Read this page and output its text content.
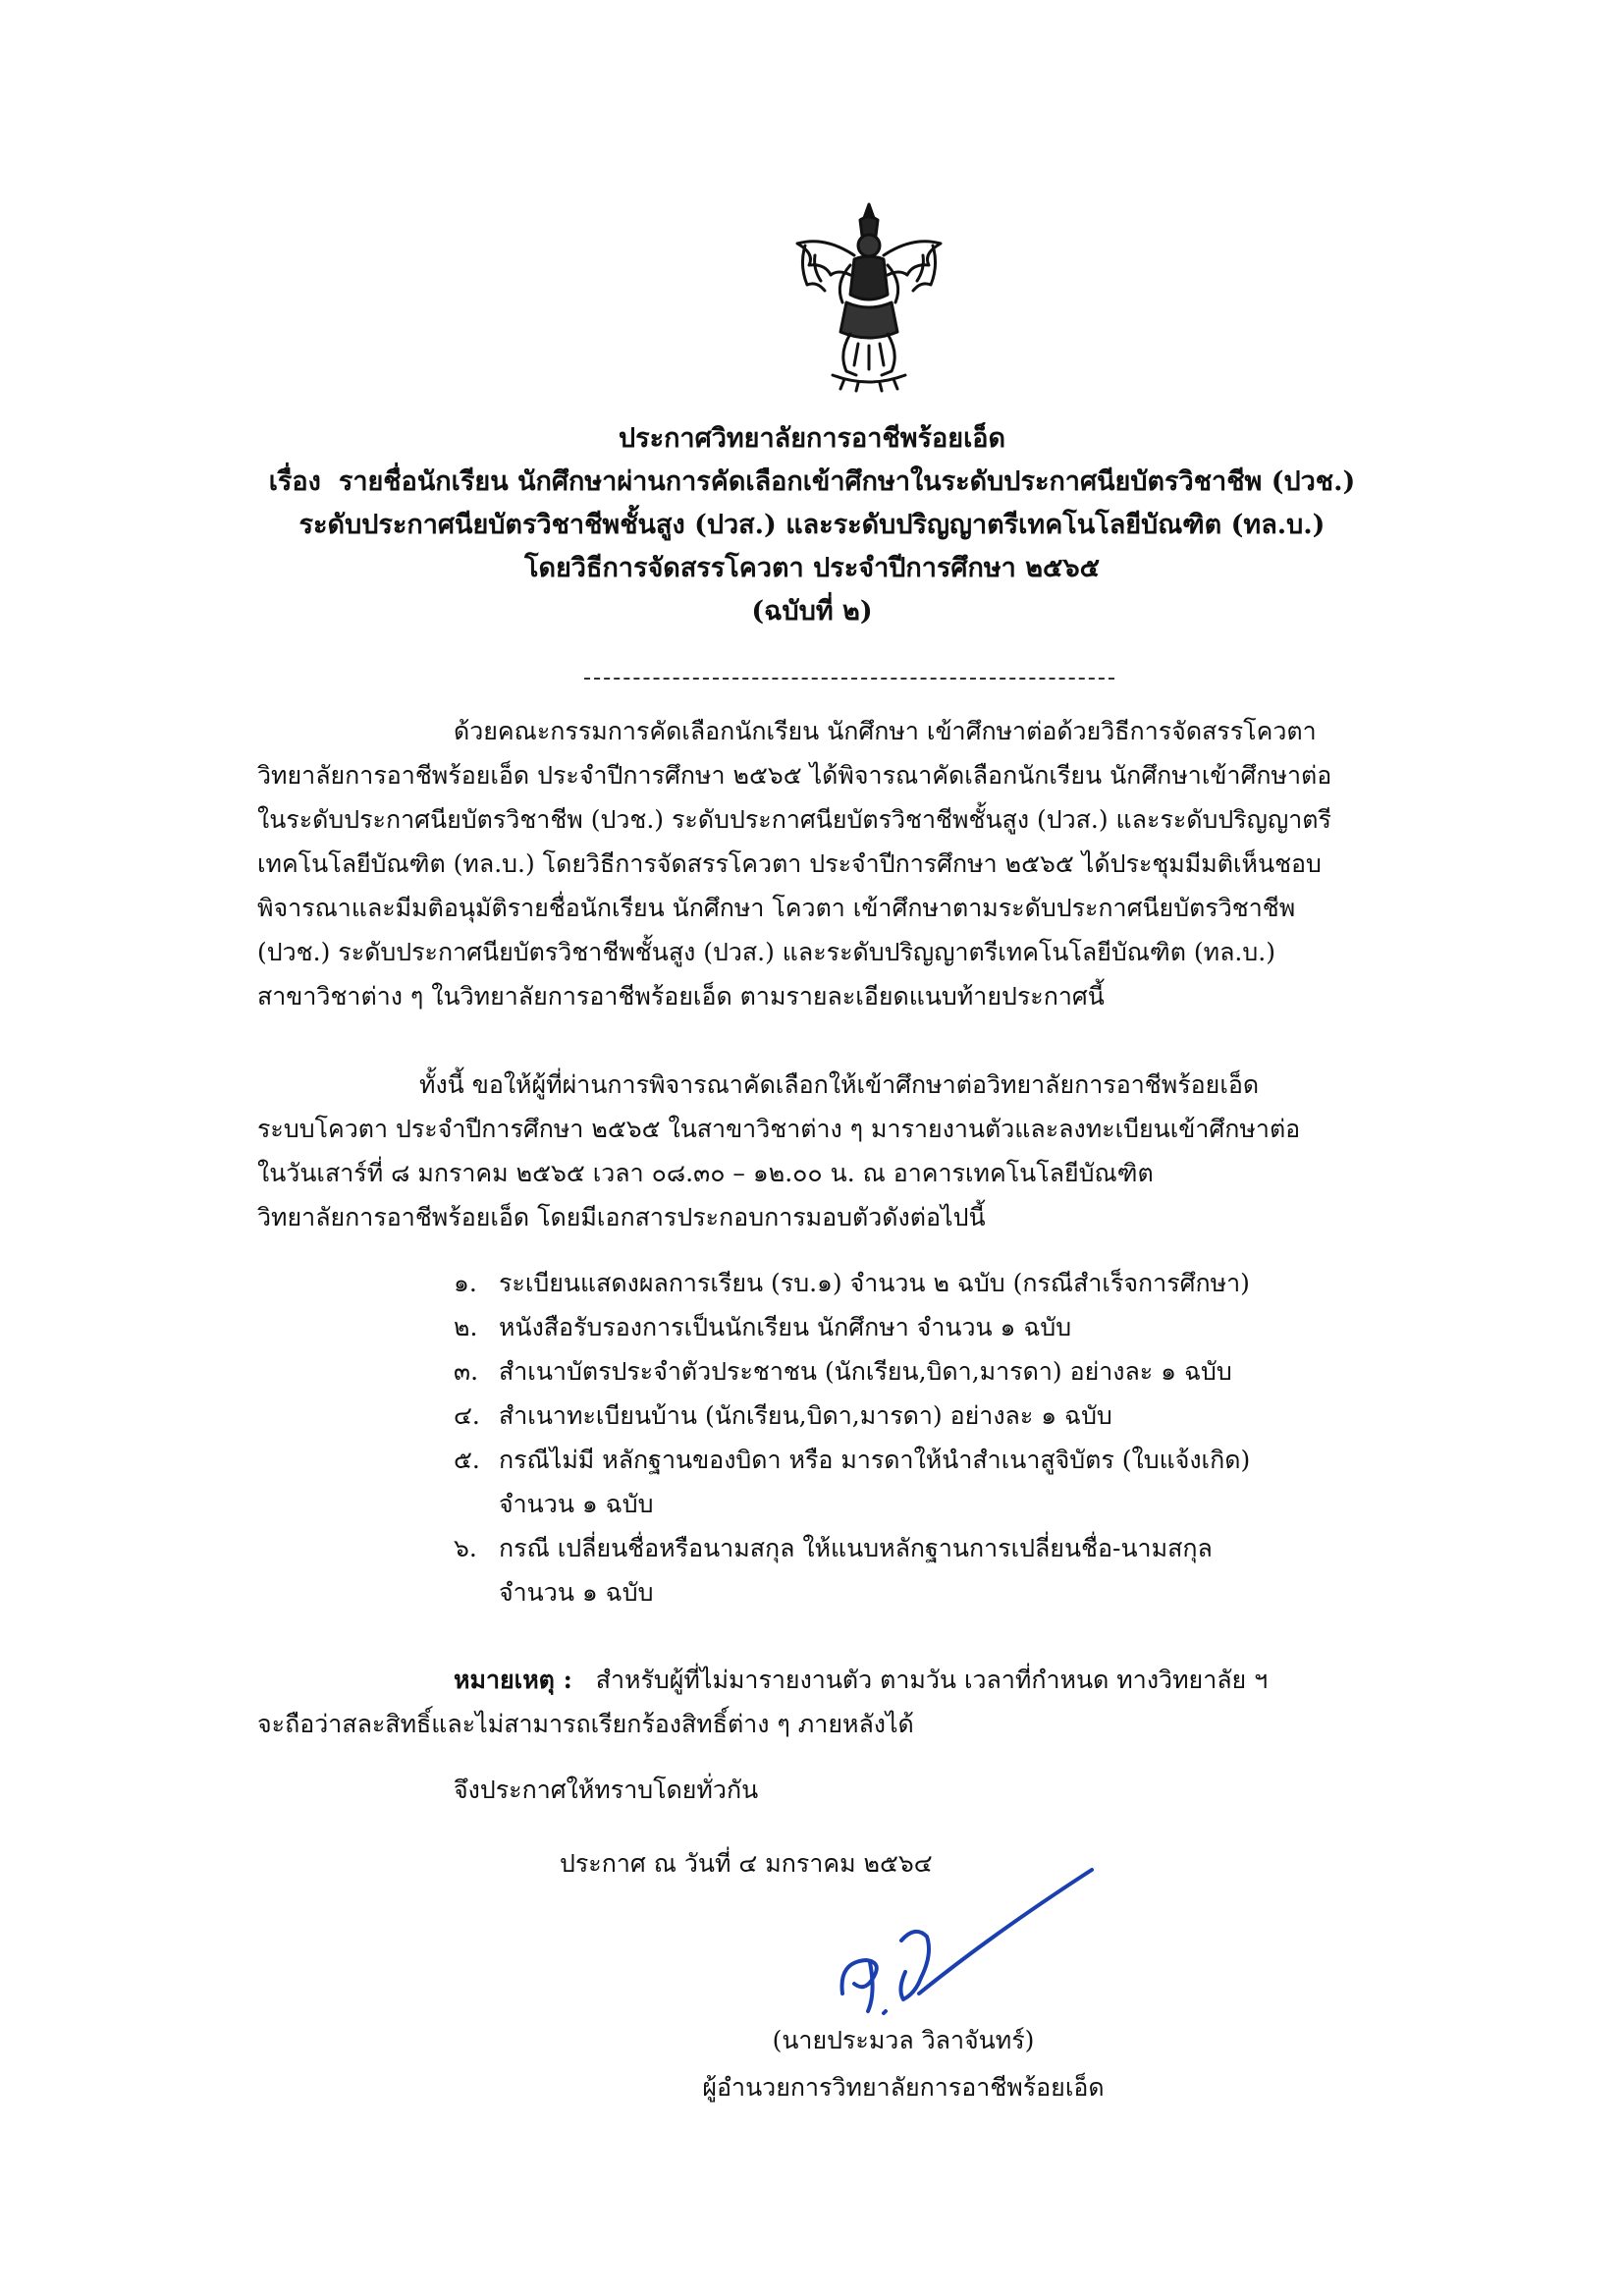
ประกาศวิทยาลัยการอาชีพร้อยเอ็ด
เรื่อง รายชื่อนักเรียน นักศึกษาผ่านการคัดเลือกเข้าศึกษาในระดับประกาศนียบัตรวิชาชีพ (ปวช.)
ระดับประกาศนียบัตรวิชาชีพชั้นสูง (ปวส.) และระดับปริญญาตรีเทคโนโลยีบัณฑิต (ทล.บ.)
โดยวิธีการจัดสรรโควตา ประจำปีการศึกษา ๒๕๖๕
(ฉบับที่ ๒)
ด้วยคณะกรรมการคัดเลือกนักเรียน นักศึกษา เข้าศึกษาต่อด้วยวิธีการจัดสรรโควตา
วิทยาลัยการอาชีพร้อยเอ็ด ประจำปีการศึกษา ๒๕๖๕ ได้พิจารณาคัดเลือกนักเรียน นักศึกษาเข้าศึกษาต่อ
ในระดับประกาศนียบัตรวิชาชีพ (ปวช.) ระดับประกาศนียบัตรวิชาชีพชั้นสูง (ปวส.) และระดับปริญญาตรี
เทคโนโลยีบัณฑิต (ทล.บ.) โดยวิธีการจัดสรรโควตา ประจำปีการศึกษา ๒๕๖๕ ได้ประชุมมีมติเห็นชอบ
พิจารณาและมีมติอนุมัติรายชื่อนักเรียน นักศึกษา โควตา เข้าศึกษาตามระดับประกาศนียบัตรวิชาชีพ
(ปวช.) ระดับประกาศนียบัตรวิชาชีพชั้นสูง (ปวส.) และระดับปริญญาตรีเทคโนโลยีบัณฑิต (ทล.บ.)
สาขาวิชาต่าง ๆ ในวิทยาลัยการอาชีพร้อยเอ็ด ตามรายละเอียดแนบท้ายประกาศนี้
ทั้งนี้ ขอให้ผู้ที่ผ่านการพิจารณาคัดเลือกให้เข้าศึกษาต่อวิทยาลัยการอาชีพร้อยเอ็ด
ระบบโควตา ประจำปีการศึกษา ๒๕๖๕ ในสาขาวิชาต่าง ๆ มารายงานตัวและลงทะเบียนเข้าศึกษาต่อ
ในวันเสาร์ที่ ๘ มกราคม ๒๕๖๕ เวลา ๐๘.๓๐ – ๑๒.๐๐ น. ณ อาคารเทคโนโลยีบัณฑิต
วิทยาลัยการอาชีพร้อยเอ็ด โดยมีเอกสารประกอบการมอบตัวดังต่อไปนี้
๑. ระเบียนแสดงผลการเรียน (รบ.๑) จำนวน ๒ ฉบับ (กรณีสำเร็จการศึกษา)
๒. หนังสือรับรองการเป็นนักเรียน นักศึกษา จำนวน ๑ ฉบับ
๓. สำเนาบัตรประจำตัวประชาชน (นักเรียน,บิดา,มารดา) อย่างละ ๑ ฉบับ
๔. สำเนาทะเบียนบ้าน (นักเรียน,บิดา,มารดา) อย่างละ ๑ ฉบับ
๕. กรณีไม่มี หลักฐานของบิดา หรือ มารดาให้นำสำเนาสูจิบัตร (ใบแจ้งเกิด)
จำนวน ๑ ฉบับ
๖. กรณี เปลี่ยนชื่อหรือนามสกุล ให้แนบหลักฐานการเปลี่ยนชื่อ-นามสกุล
จำนวน ๑ ฉบับ
หมายเหตุ : สำหรับผู้ที่ไม่มารายงานตัว ตามวัน เวลาที่กำหนด ทางวิทยาลัย ฯ
จะถือว่าสละสิทธิ์และไม่สามารถเรียกร้องสิทธิ์ต่าง ๆ ภายหลังได้
จึงประกาศให้ทราบโดยทั่วกัน
ประกาศ ณ วันที่ ๔ มกราคม ๒๕๖๔
(นายประมวล วิลาจันทร์)
ผู้อำนวยการวิทยาลัยการอาชีพร้อยเอ็ด
